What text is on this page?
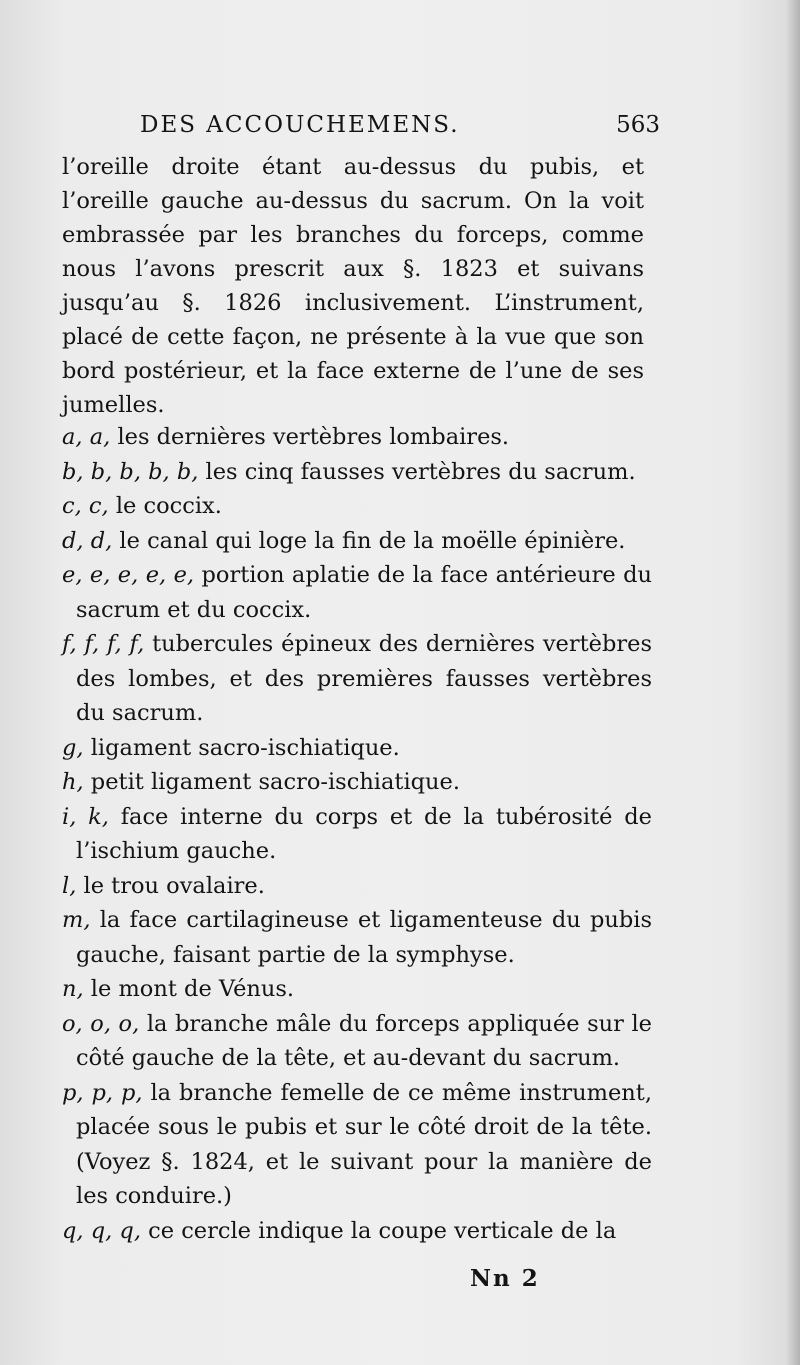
DES ACCOUCHEMENS.	563

l’oreille droite étant au-dessus du pubis, et l’oreille gauche au-dessus du sacrum. On la voit embrassée par les branches du forceps, comme nous l’avons prescrit aux §. 1823 et suivans jusqu’au §. 1826 inclusivement. L’instrument, placé de cette façon, ne présente à la vue que son bord postérieur, et la face externe de l’une de ses jumelles.

a, a, les dernières vertèbres lombaires.

b, b, b, b, b, les cinq fausses vertèbres du sacrum.

c, c, le coccix.

d, d, le canal qui loge la fin de la moëlle épinière.

e, e, e, e, e, portion aplatie de la face antérieure du sacrum et du coccix.

f, f, f, f, tubercules épineux des dernières vertèbres des lombes, et des premières fausses vertèbres du sacrum.

g, ligament sacro-ischiatique.

h, petit ligament sacro-ischiatique.

i, k, face interne du corps et de la tubérosité de l’ischium gauche.

l, le trou ovalaire.

m, la face cartilagineuse et ligamenteuse du pubis gauche, faisant partie de la symphyse.

n, le mont de Vénus.

o, o, o, la branche mâle du forceps appliquée sur le côté gauche de la tête, et au-devant du sacrum.

p, p, p, la branche femelle de ce même instrument, placée sous le pubis et sur le côté droit de la tête. (Voyez §. 1824, et le suivant pour la manière de les conduire.)

q, q, q, ce cercle indique la coupe verticale de la

Nn 2
